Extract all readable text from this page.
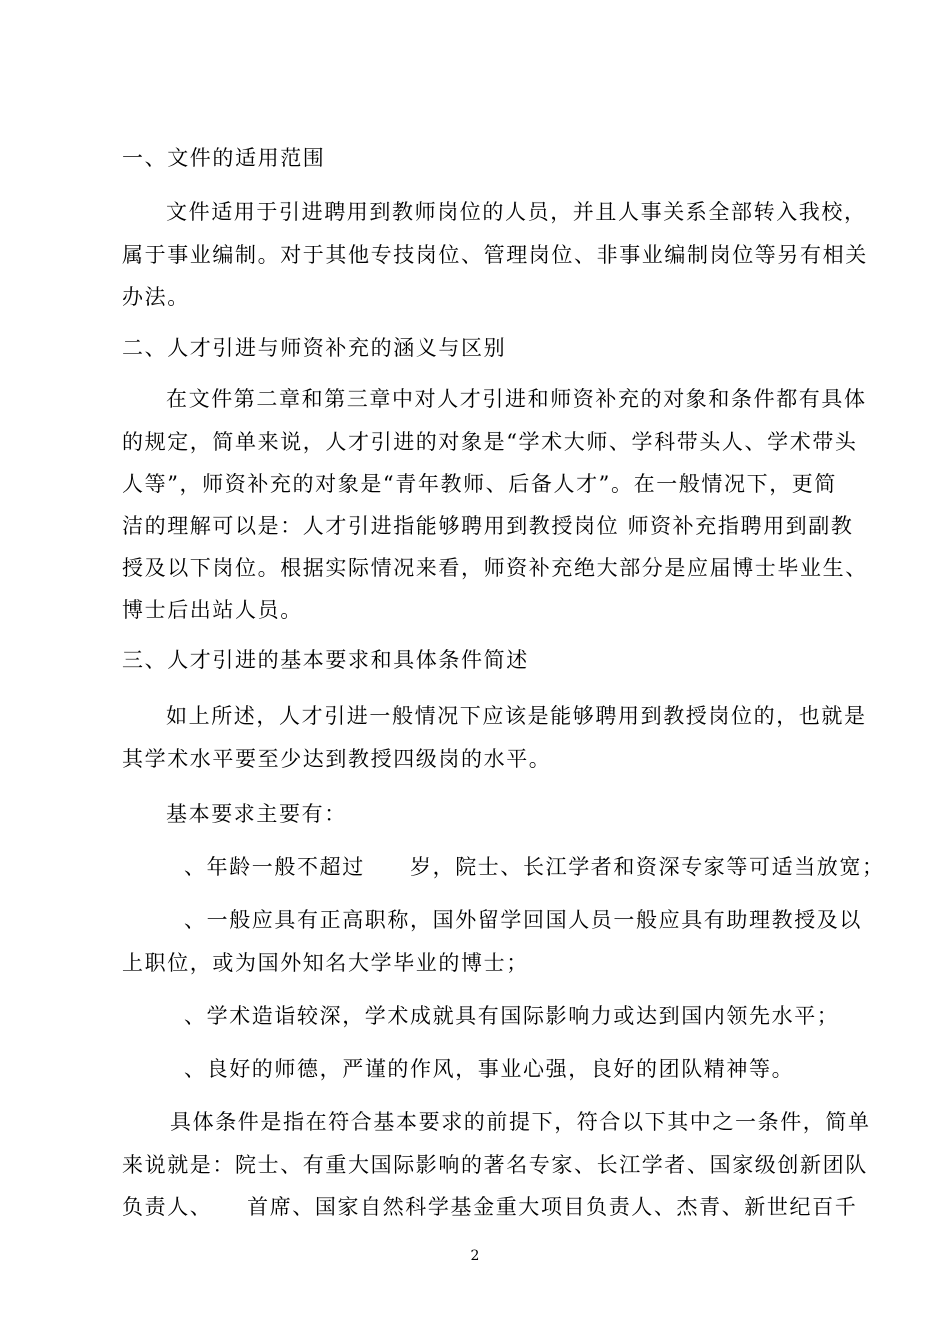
一、文件的适用范围
文件适用于引进聘用到教师岗位的人员，并且人事关系全部转入我校，
属于事业编制。对于其他专技岗位、管理岗位、非事业编制岗位等另有相关
办法。
二、人才引进与师资补充的涵义与区别
在文件第二章和第三章中对人才引进和师资补充的对象和条件都有具体
的规定，简单来说，人才引进的对象是“学术大师、学科带头人、学术带头
人等”，师资补充的对象是“青年教师、后备人才”。在一般情况下，更简
洁的理解可以是：人才引进指能够聘用到教授岗位 师资补充指聘用到副教
授及以下岗位。根据实际情况来看，师资补充绝大部分是应届博士毕业生、
博士后出站人员。
三、人才引进的基本要求和具体条件简述
如上所述，人才引进一般情况下应该是能够聘用到教授岗位的，也就是
其学术水平要至少达到教授四级岗的水平。
基本要求主要有：
、年龄一般不超过　　岁，院士、长江学者和资深专家等可适当放宽；
、一般应具有正高职称，国外留学回国人员一般应具有助理教授及以
上职位，或为国外知名大学毕业的博士；
、学术造诣较深，学术成就具有国际影响力或达到国内领先水平；
、良好的师德，严谨的作风，事业心强，良好的团队精神等。
具体条件是指在符合基本要求的前提下，符合以下其中之一条件，简单
来说就是：院士、有重大国际影响的著名专家、长江学者、国家级创新团队
负责人、　　首席、国家自然科学基金重大项目负责人、杰青、新世纪百千
2
